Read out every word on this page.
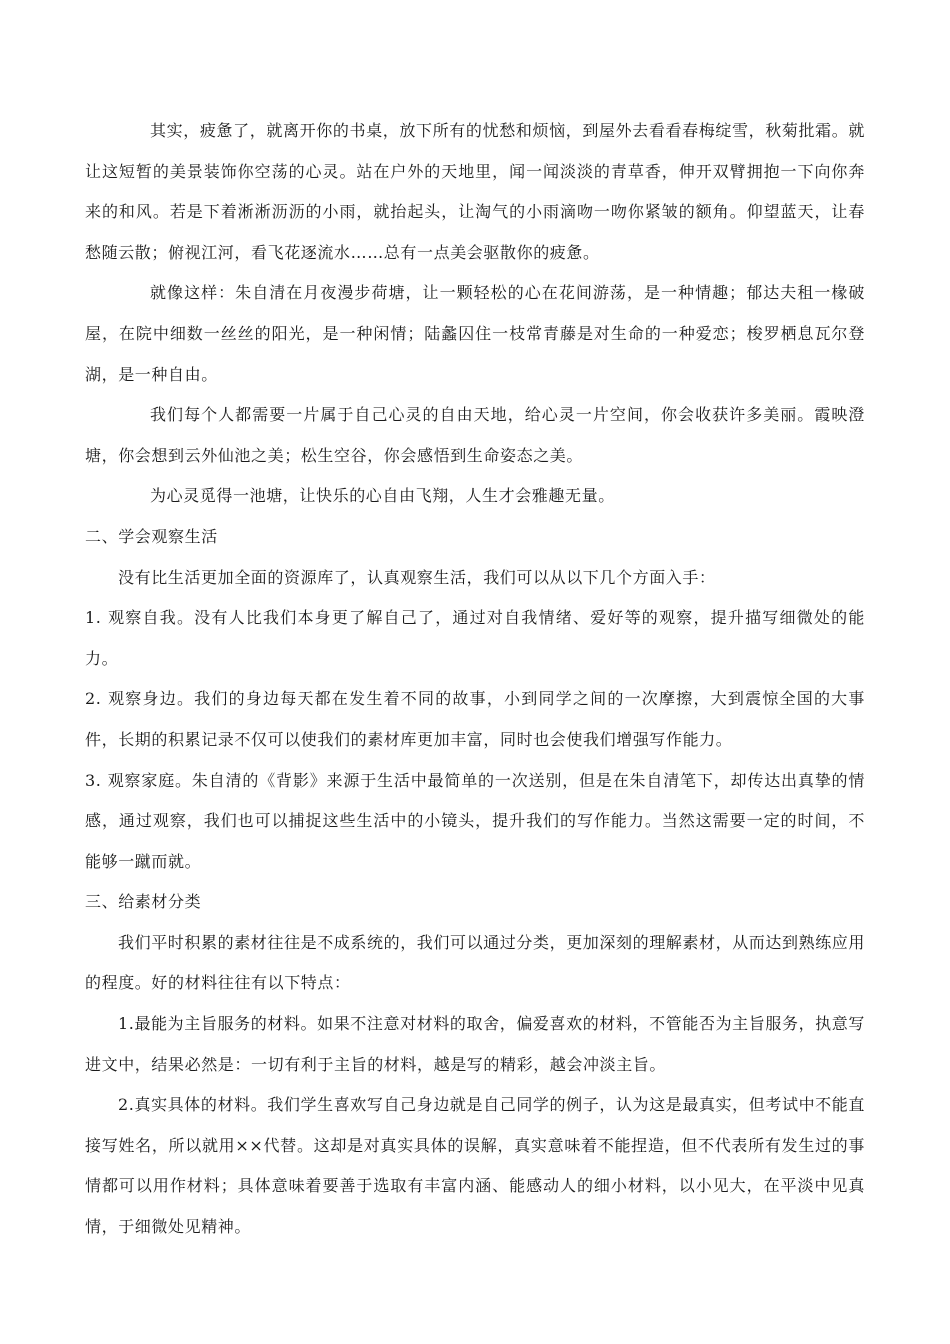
其实，疲惫了，就离开你的书桌，放下所有的忧愁和烦恼，到屋外去看看春梅绽雪，秋菊批霜。就让这短暂的美景装饰你空荡的心灵。站在户外的天地里，闻一闻淡淡的青草香，伸开双臂拥抱一下向你奔来的和风。若是下着淅淅沥沥的小雨，就抬起头，让淘气的小雨滴吻一吻你紧皱的额角。仰望蓝天，让春愁随云散；俯视江河，看飞花逐流水……总有一点美会驱散你的疲惫。

就像这样：朱自清在月夜漫步荷塘，让一颗轻松的心在花间游荡，是一种情趣；郁达夫租一椽破屋，在院中细数一丝丝的阳光，是一种闲情；陆蠡囚住一枝常青藤是对生命的一种爱恋；梭罗栖息瓦尔登湖，是一种自由。

我们每个人都需要一片属于自己心灵的自由天地，给心灵一片空间，你会收获许多美丽。霞映澄塘，你会想到云外仙池之美；松生空谷，你会感悟到生命姿态之美。

为心灵觅得一池塘，让快乐的心自由飞翔，人生才会雅趣无量。

二、学会观察生活

没有比生活更加全面的资源库了，认真观察生活，我们可以从以下几个方面入手：

1. 观察自我。没有人比我们本身更了解自己了，通过对自我情绪、爱好等的观察，提升描写细微处的能力。

2. 观察身边。我们的身边每天都在发生着不同的故事，小到同学之间的一次摩擦，大到震惊全国的大事件，长期的积累记录不仅可以使我们的素材库更加丰富，同时也会使我们增强写作能力。

3. 观察家庭。朱自清的《背影》来源于生活中最简单的一次送别，但是在朱自清笔下，却传达出真挚的情感，通过观察，我们也可以捕捉这些生活中的小镜头，提升我们的写作能力。当然这需要一定的时间，不能够一蹴而就。

三、给素材分类

我们平时积累的素材往往是不成系统的，我们可以通过分类，更加深刻的理解素材，从而达到熟练应用的程度。好的材料往往有以下特点：

1.最能为主旨服务的材料。如果不注意对材料的取舍，偏爱喜欢的材料，不管能否为主旨服务，执意写进文中，结果必然是：一切有利于主旨的材料，越是写的精彩，越会冲淡主旨。

2.真实具体的材料。我们学生喜欢写自己身边就是自己同学的例子，认为这是最真实，但考试中不能直接写姓名，所以就用××代替。这却是对真实具体的误解，真实意味着不能捏造，但不代表所有发生过的事情都可以用作材料；具体意味着要善于选取有丰富内涵、能感动人的细小材料，以小见大，在平淡中见真情，于细微处见精神。
